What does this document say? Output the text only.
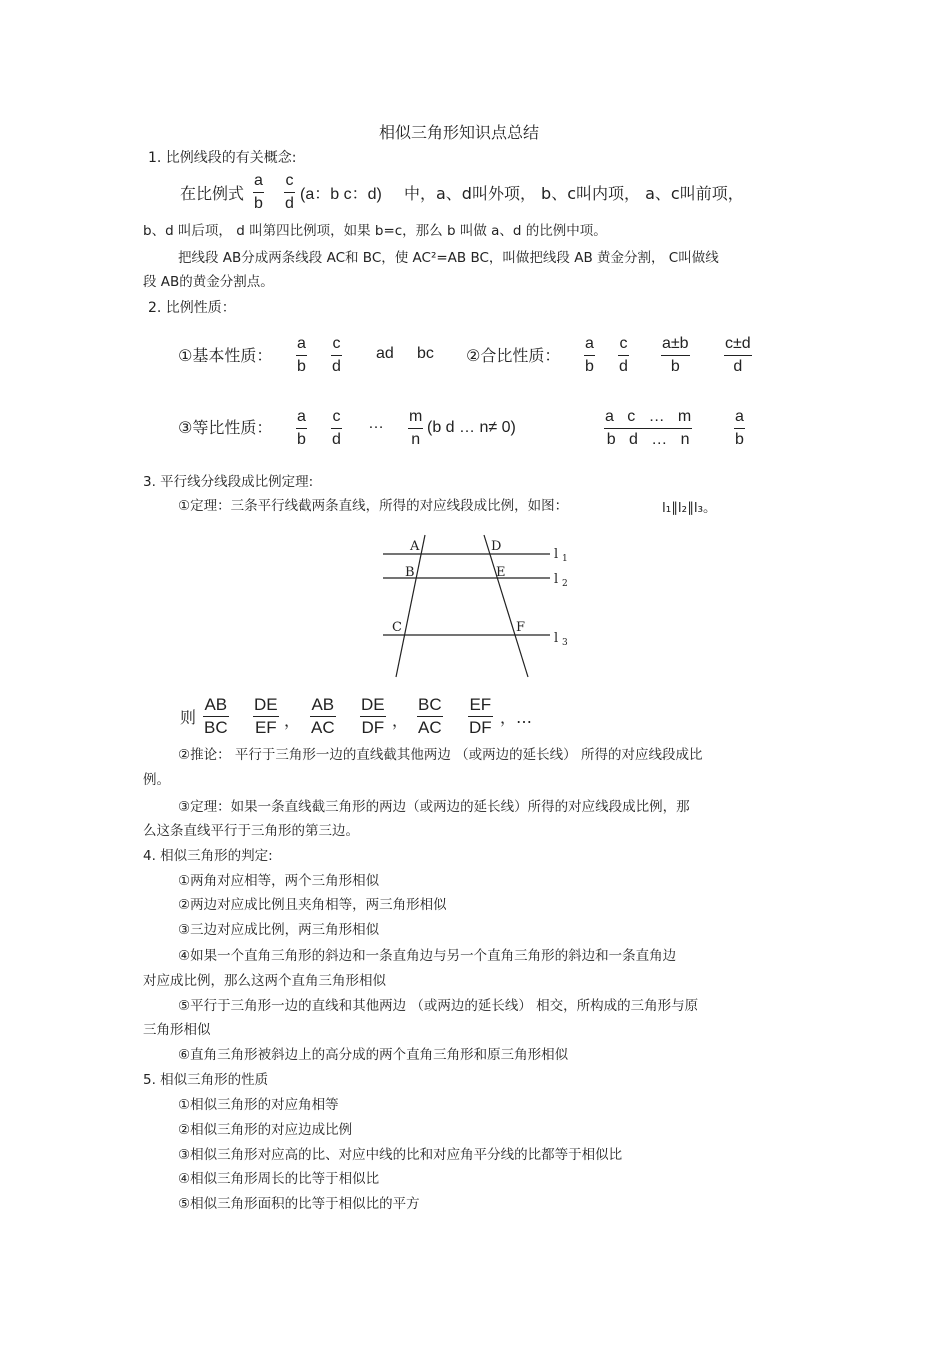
相似三角形知识点总结
1. 比例线段的有关概念:
在比例式
a
b
c
d
(a：b c：d) 中，a、d叫外项， b、c叫内项， a、c叫前项，
b、d 叫后项， d 叫第四比例项，如果 b=c，那么 b 叫做 a、d 的比例中项。
把线段 AB分成两条线段 AC和 BC，使 AC²=AB BC，叫做把线段 AB 黄金分割， C叫做线
段 AB的黄金分割点。
2. 比例性质：
①基本性质：
a
b
c
d
ad bc ②合比性质：
a
b
c
d
a±b
b
c±d
d
③等比性质：
a
b
c
d
… m
n
(b d … n≠ 0)
a   c   …   m
b   d   …   n
a
b
3. 平行线分线段成比例定理:
①定理：三条平行线截两条直线，所得的对应线段成比例，如图：	l₁∥l₂∥l₃。
A
B
C
D
E
F
l 1
l 2
l 3
则
AB
BC
DE
EF ，
AB
AC
DE
DF ，
BC
AC
EF
DF
，…
②推论： 平行于三角形一边的直线截其他两边 （或两边的延长线） 所得的对应线段成比
例。
③定理：如果一条直线截三角形的两边（或两边的延长线）所得的对应线段成比例，那
么这条直线平行于三角形的第三边。
4. 相似三角形的判定:
①两角对应相等，两个三角形相似
②两边对应成比例且夹角相等，两三角形相似
③三边对应成比例，两三角形相似
④如果一个直角三角形的斜边和一条直角边与另一个直角三角形的斜边和一条直角边
对应成比例，那么这两个直角三角形相似
⑤平行于三角形一边的直线和其他两边 （或两边的延长线） 相交，所构成的三角形与原
三角形相似
⑥直角三角形被斜边上的高分成的两个直角三角形和原三角形相似
5. 相似三角形的性质
①相似三角形的对应角相等
②相似三角形的对应边成比例
③相似三角形对应高的比、对应中线的比和对应角平分线的比都等于相似比
④相似三角形周长的比等于相似比
⑤相似三角形面积的比等于相似比的平方
